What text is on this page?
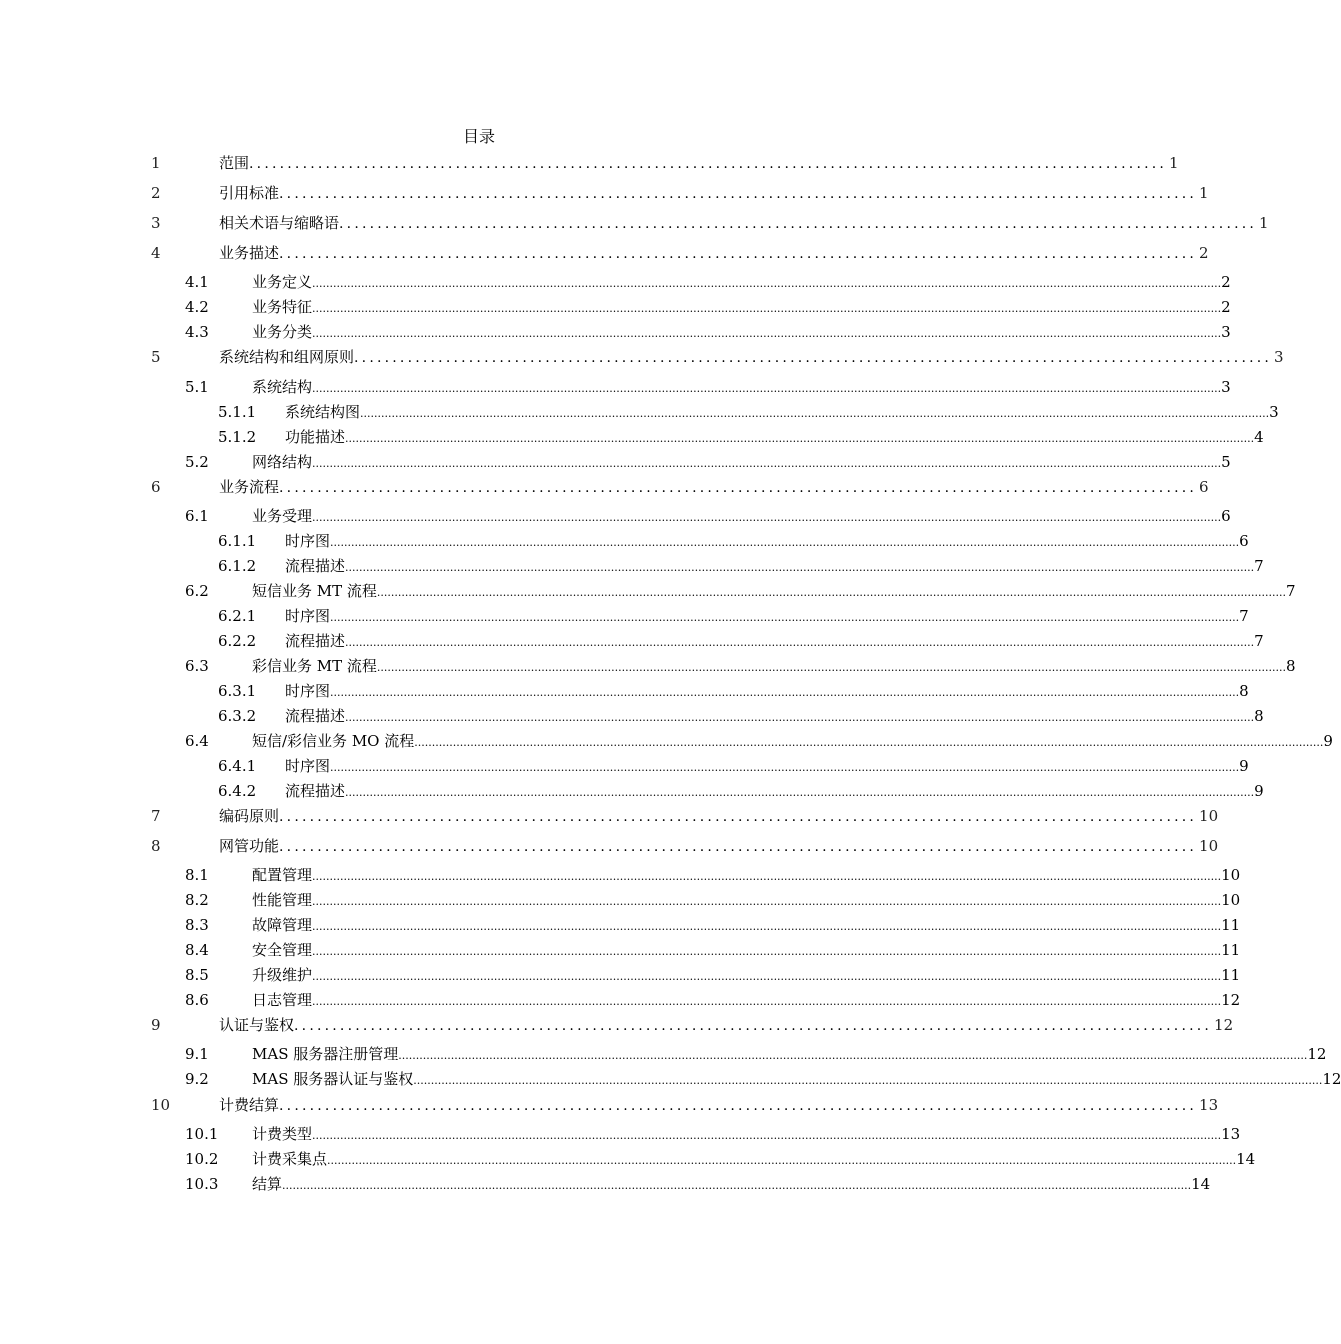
目录
1	范围 ........................................................................................................................ 1
2	引用标准 ........................................................................................................................ 1
3	相关术语与缩略语 ........................................................................................................................ 1
4	业务描述 ........................................................................................................................ 2
4.1	业务定义 .................................................................................................................................................................................................................................................................... 2
4.2	业务特征 .................................................................................................................................................................................................................................................................... 2
4.3	业务分类 .................................................................................................................................................................................................................................................................... 3
5	系统结构和组网原则 ........................................................................................................................ 3
5.1	系统结构 .................................................................................................................................................................................................................................................................... 3
5.1.1 系统结构图 .................................................................................................................................................................................................................................................................... 3
5.1.2 功能描述 .................................................................................................................................................................................................................................................................... 4
5.2	网络结构 .................................................................................................................................................................................................................................................................... 5
6	业务流程 ........................................................................................................................ 6
6.1	业务受理 .................................................................................................................................................................................................................................................................... 6
6.1.1 时序图 .................................................................................................................................................................................................................................................................... 6
6.1.2 流程描述 .................................................................................................................................................................................................................................................................... 7
6.2	短信业务 MT 流程 .................................................................................................................................................................................................................................................................... 7
6.2.1 时序图 .................................................................................................................................................................................................................................................................... 7
6.2.2 流程描述 .................................................................................................................................................................................................................................................................... 7
6.3	彩信业务 MT 流程 .................................................................................................................................................................................................................................................................... 8
6.3.1 时序图 .................................................................................................................................................................................................................................................................... 8
6.3.2 流程描述 .................................................................................................................................................................................................................................................................... 8
6.4	短信/彩信业务 MO 流程 .................................................................................................................................................................................................................................................................... 9
6.4.1 时序图 .................................................................................................................................................................................................................................................................... 9
6.4.2 流程描述 .................................................................................................................................................................................................................................................................... 9
7	编码原则 ........................................................................................................................ 10
8	网管功能 ........................................................................................................................ 10
8.1	配置管理 .................................................................................................................................................................................................................................................................... 10
8.2	性能管理 .................................................................................................................................................................................................................................................................... 10
8.3	故障管理 .................................................................................................................................................................................................................................................................... 11
8.4	安全管理 .................................................................................................................................................................................................................................................................... 11
8.5	升级维护 .................................................................................................................................................................................................................................................................... 11
8.6	日志管理 .................................................................................................................................................................................................................................................................... 12
9	认证与鉴权 ........................................................................................................................ 12
9.1	MAS 服务器注册管理 .................................................................................................................................................................................................................................................................... 12
9.2	MAS 服务器认证与鉴权 .................................................................................................................................................................................................................................................................... 12
10	计费结算 ........................................................................................................................ 13
10.1 计费类型 .................................................................................................................................................................................................................................................................... 13
10.2 计费采集点 .................................................................................................................................................................................................................................................................... 14
10.3 结算 .................................................................................................................................................................................................................................................................... 14
